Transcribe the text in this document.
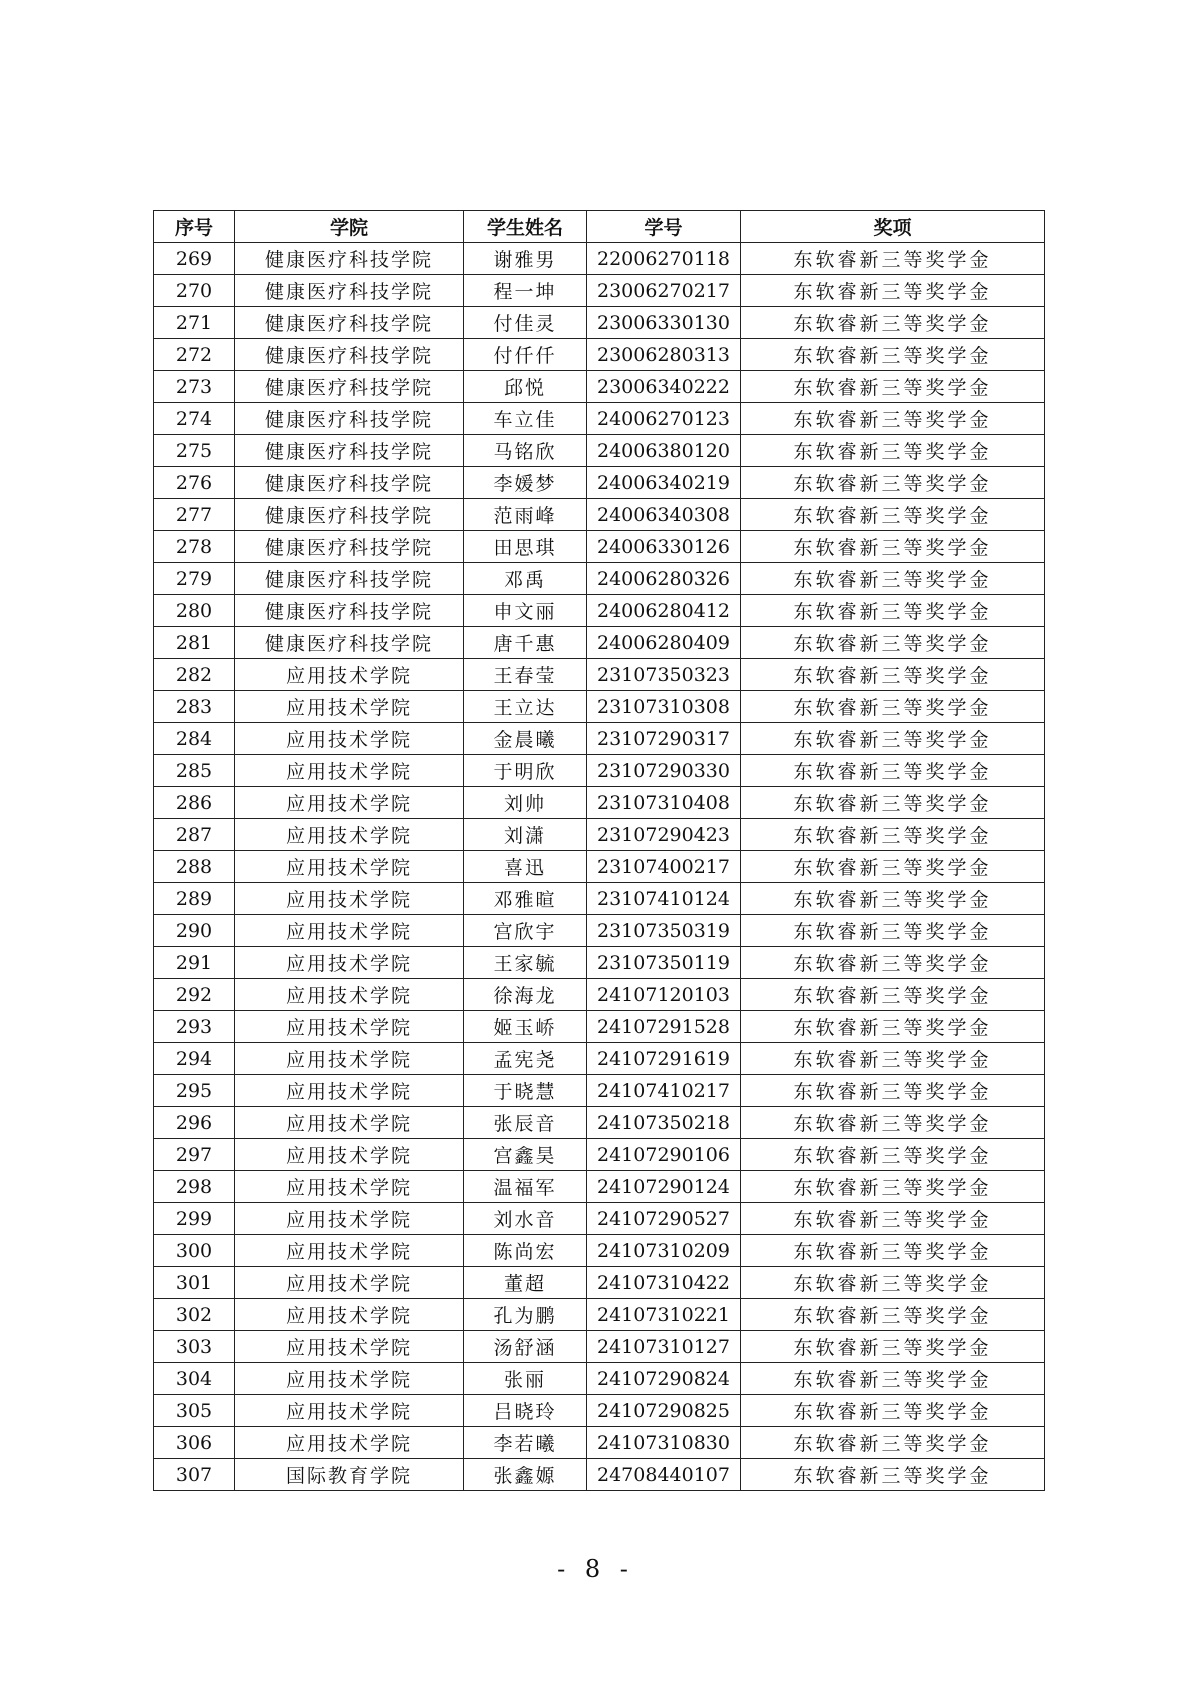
序号	学院	学生姓名	学号	奖项
269	健康医疗科技学院	谢雅男	22006270118	东软睿新三等奖学金
270	健康医疗科技学院	程一坤	23006270217	东软睿新三等奖学金
271	健康医疗科技学院	付佳灵	23006330130	东软睿新三等奖学金
272	健康医疗科技学院	付仟仟	23006280313	东软睿新三等奖学金
273	健康医疗科技学院	邱悦	23006340222	东软睿新三等奖学金
274	健康医疗科技学院	车立佳	24006270123	东软睿新三等奖学金
275	健康医疗科技学院	马铭欣	24006380120	东软睿新三等奖学金
276	健康医疗科技学院	李媛梦	24006340219	东软睿新三等奖学金
277	健康医疗科技学院	范雨峰	24006340308	东软睿新三等奖学金
278	健康医疗科技学院	田思琪	24006330126	东软睿新三等奖学金
279	健康医疗科技学院	邓禹	24006280326	东软睿新三等奖学金
280	健康医疗科技学院	申文丽	24006280412	东软睿新三等奖学金
281	健康医疗科技学院	唐千惠	24006280409	东软睿新三等奖学金
282	应用技术学院	王春莹	23107350323	东软睿新三等奖学金
283	应用技术学院	王立达	23107310308	东软睿新三等奖学金
284	应用技术学院	金晨曦	23107290317	东软睿新三等奖学金
285	应用技术学院	于明欣	23107290330	东软睿新三等奖学金
286	应用技术学院	刘帅	23107310408	东软睿新三等奖学金
287	应用技术学院	刘潇	23107290423	东软睿新三等奖学金
288	应用技术学院	喜迅	23107400217	东软睿新三等奖学金
289	应用技术学院	邓雅暄	23107410124	东软睿新三等奖学金
290	应用技术学院	宫欣宇	23107350319	东软睿新三等奖学金
291	应用技术学院	王家毓	23107350119	东软睿新三等奖学金
292	应用技术学院	徐海龙	24107120103	东软睿新三等奖学金
293	应用技术学院	姬玉峤	24107291528	东软睿新三等奖学金
294	应用技术学院	孟宪尧	24107291619	东软睿新三等奖学金
295	应用技术学院	于晓慧	24107410217	东软睿新三等奖学金
296	应用技术学院	张辰音	24107350218	东软睿新三等奖学金
297	应用技术学院	宫鑫昊	24107290106	东软睿新三等奖学金
298	应用技术学院	温福军	24107290124	东软睿新三等奖学金
299	应用技术学院	刘水音	24107290527	东软睿新三等奖学金
300	应用技术学院	陈尚宏	24107310209	东软睿新三等奖学金
301	应用技术学院	董超	24107310422	东软睿新三等奖学金
302	应用技术学院	孔为鹏	24107310221	东软睿新三等奖学金
303	应用技术学院	汤舒涵	24107310127	东软睿新三等奖学金
304	应用技术学院	张丽	24107290824	东软睿新三等奖学金
305	应用技术学院	吕晓玲	24107290825	东软睿新三等奖学金
306	应用技术学院	李若曦	24107310830	东软睿新三等奖学金
307	国际教育学院	张鑫嫄	24708440107	东软睿新三等奖学金
- 8 -
